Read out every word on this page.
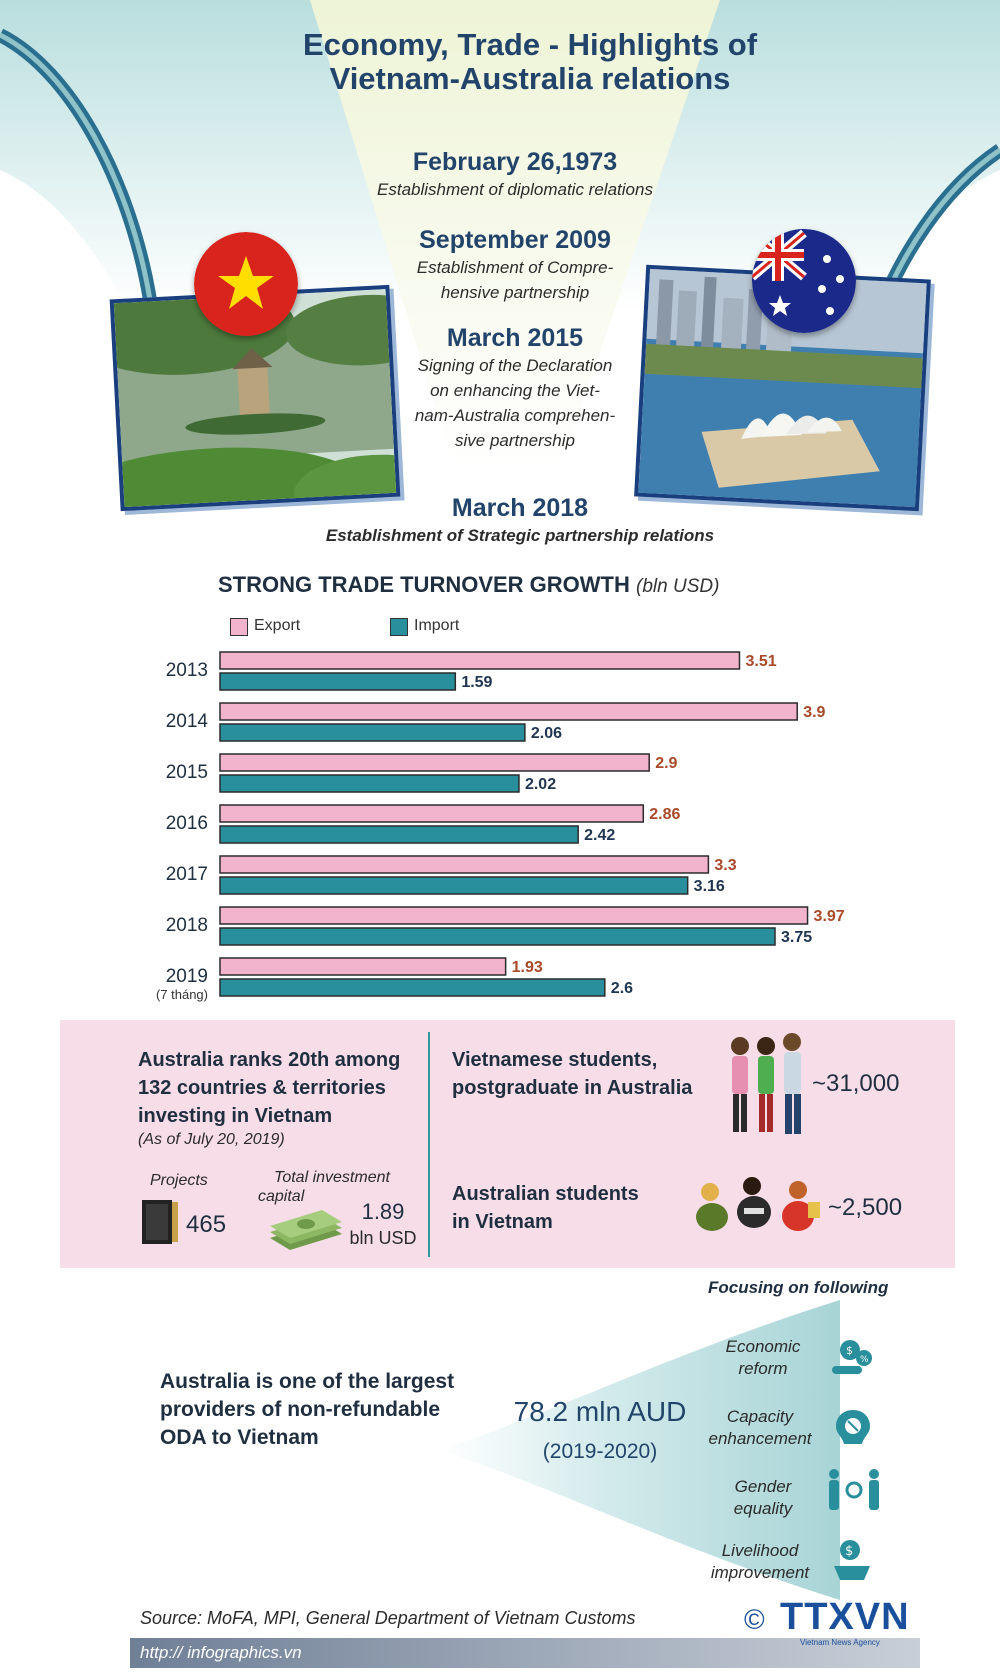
Economy, Trade - Highlights of
Vietnam-Australia relations
February 26,1973
Establishment of diplomatic relations
September 2009
Establishment of Compre-
hensive partnership
March 2015
Signing of the Declaration
on enhancing the Viet-
nam-Australia comprehen-
sive partnership
March 2018
Establishment of Strategic partnership relations
STRONG TRADE TURNOVER GROWTH (bln USD)
Export	Import
2013	3.51
1.59
2014	3.9
2.06
2015	2.9
2.02
2016	2.86
2.42
2017	3.3
3.16
2018	3.97
3.75
2019
(7 tháng)
1.93
2.6
Australia ranks 20th among
132 countries & territories
investing in Vietnam
(As of July 20, 2019)
Projects
465
Total investment
capital
1.89
bln USD
Vietnamese students,
postgraduate in Australia	~31,000
Australian students
in Vietnam
~2,500
Focusing on following
Australia is one of the largest
providers of non-refundable
ODA to Vietnam
78.2 mln AUD
(2019-2020)
Economic
reform
$
%
Capacity
enhancement
Gender
equality
Livelihood
improvement
$
Source: MoFA, MPI, General Department of Vietnam Customs
http:// infographics.vn
© TTXVN
Vietnam News Agency
